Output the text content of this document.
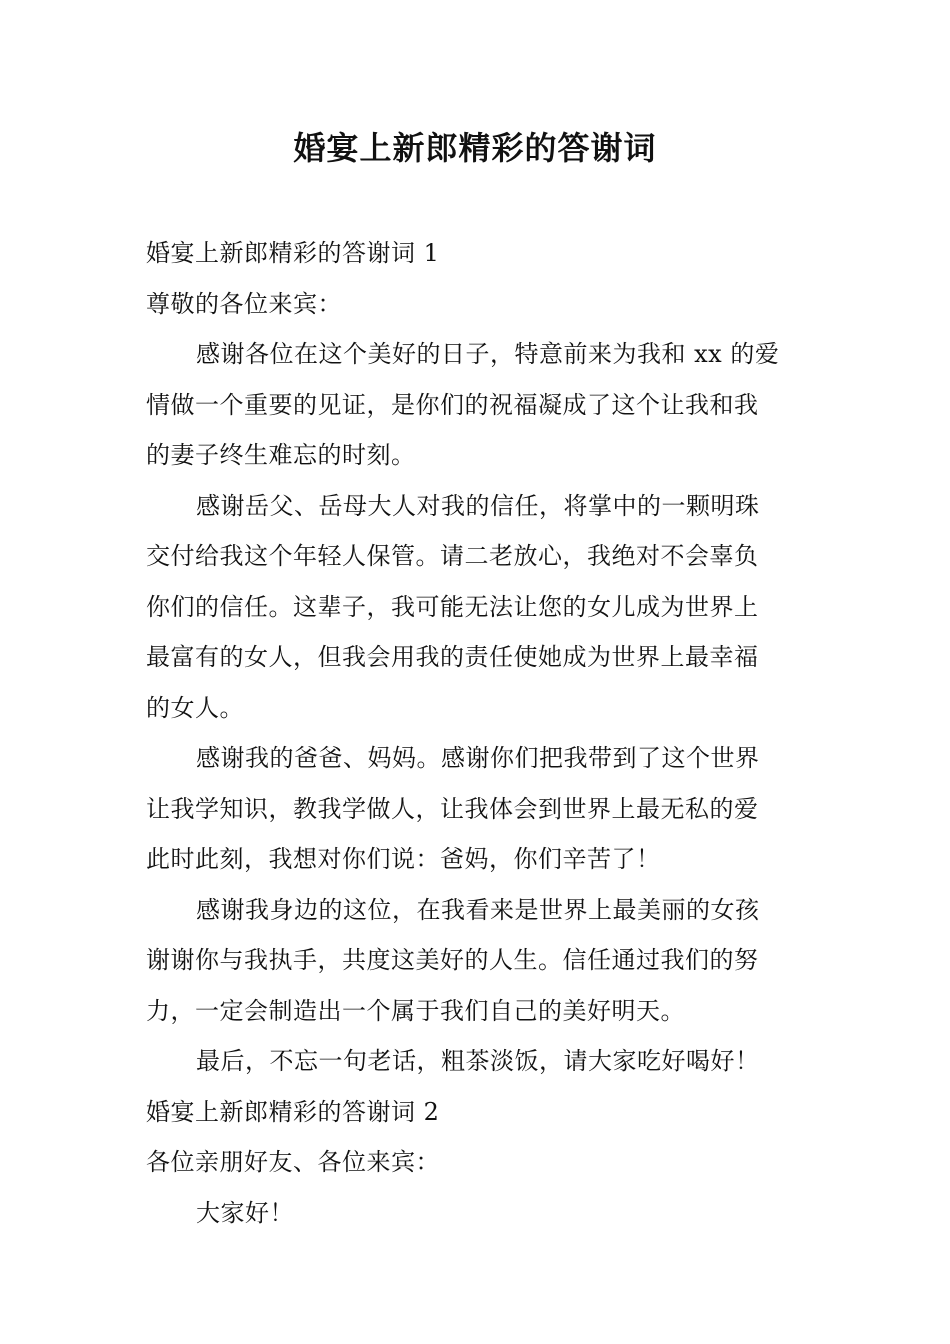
婚宴上新郎精彩的答谢词
婚宴上新郎精彩的答谢词 1
尊敬的各位来宾：
感谢各位在这个美好的日子，特意前来为我和 xx 的爱
情做一个重要的见证，是你们的祝福凝成了这个让我和我
的妻子终生难忘的时刻。
感谢岳父、岳母大人对我的信任，将掌中的一颗明珠
交付给我这个年轻人保管。请二老放心，我绝对不会辜负
你们的信任。这辈子，我可能无法让您的女儿成为世界上
最富有的女人，但我会用我的责任使她成为世界上最幸福
的女人。
感谢我的爸爸、妈妈。感谢你们把我带到了这个世界
让我学知识，教我学做人，让我体会到世界上最无私的爱
此时此刻，我想对你们说：爸妈，你们辛苦了！
感谢我身边的这位，在我看来是世界上最美丽的女孩
谢谢你与我执手，共度这美好的人生。信任通过我们的努
力，一定会制造出一个属于我们自己的美好明天。
最后，不忘一句老话，粗茶淡饭，请大家吃好喝好！
婚宴上新郎精彩的答谢词 2
各位亲朋好友、各位来宾：
大家好！
